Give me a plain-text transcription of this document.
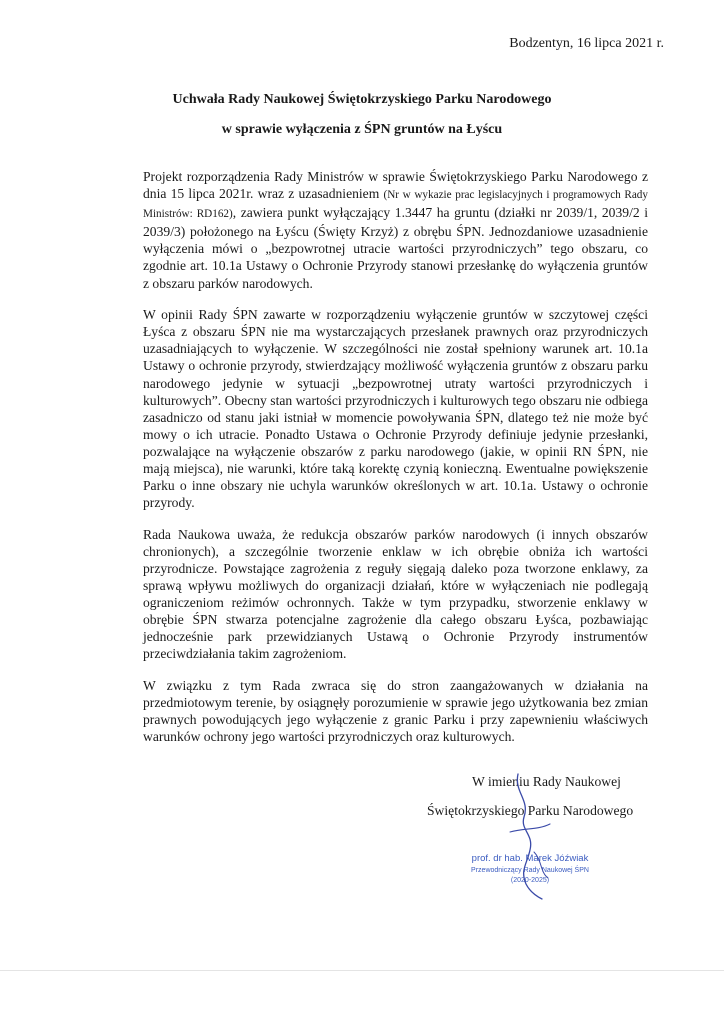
Bodzentyn, 16 lipca 2021 r.
Uchwała Rady Naukowej Świętokrzyskiego Parku Narodowego
w sprawie wyłączenia z ŚPN gruntów na Łyścu

Projekt rozporządzenia Rady Ministrów w sprawie Świętokrzyskiego Parku Narodowego z dnia 15 lipca 2021r. wraz z uzasadnieniem (Nr w wykazie prac legislacyjnych i programowych Rady Ministrów: RD162), zawiera punkt wyłączający 1.3447 ha gruntu (działki nr 2039/1, 2039/2 i 2039/3) położonego na Łyścu (Święty Krzyż) z obrębu ŚPN. Jednozdaniowe uzasadnienie wyłączenia mówi o „bezpowrotnej utracie wartości przyrodniczych” tego obszaru, co zgodnie art. 10.1a Ustawy o Ochronie Przyrody stanowi przesłankę do wyłączenia gruntów z obszaru parków narodowych.

W opinii Rady ŚPN zawarte w rozporządzeniu wyłączenie gruntów w szczytowej części Łyśca z obszaru ŚPN nie ma wystarczających przesłanek prawnych oraz przyrodniczych uzasadniających to wyłączenie. W szczególności nie został spełniony warunek art. 10.1a Ustawy o ochronie przyrody, stwierdzający możliwość wyłączenia gruntów z obszaru parku narodowego jedynie w sytuacji „bezpowrotnej utraty wartości przyrodniczych i kulturowych”. Obecny stan wartości przyrodniczych i kulturowych tego obszaru nie odbiega zasadniczo od stanu jaki istniał w momencie powoływania ŚPN, dlatego też nie może być mowy o ich utracie. Ponadto Ustawa o Ochronie Przyrody definiuje jedynie przesłanki, pozwalające na wyłączenie obszarów z parku narodowego (jakie, w opinii RN ŚPN, nie mają miejsca), nie warunki, które taką korektę czynią konieczną. Ewentualne powiększenie Parku o inne obszary nie uchyla warunków określonych w art. 10.1a. Ustawy o ochronie przyrody.

Rada Naukowa uważa, że redukcja obszarów parków narodowych (i innych obszarów chronionych), a szczególnie tworzenie enklaw w ich obrębie obniża ich wartości przyrodnicze. Powstające zagrożenia z reguły sięgają daleko poza tworzone enklawy, za sprawą wpływu możliwych do organizacji działań, które w wyłączeniach nie podlegają ograniczeniom reżimów ochronnych. Także w tym przypadku, stworzenie enklawy w obrębie ŚPN stwarza potencjalne zagrożenie dla całego obszaru Łyśca, pozbawiając jednocześnie park przewidzianych Ustawą o Ochronie Przyrody instrumentów przeciwdziałania takim zagrożeniom.

W związku z tym Rada zwraca się do stron zaangażowanych w działania na przedmiotowym terenie, by osiągnęły porozumienie w sprawie jego użytkowania bez zmian prawnych powodujących jego wyłączenie z granic Parku i przy zapewnieniu właściwych warunków ochrony jego wartości przyrodniczych oraz kulturowych.

W imieniu Rady Naukowej
Świętokrzyskiego Parku Narodowego
prof. dr hab. Marek Jóźwiak
Przewodniczący Rady Naukowej ŚPN
(2020-2025)
